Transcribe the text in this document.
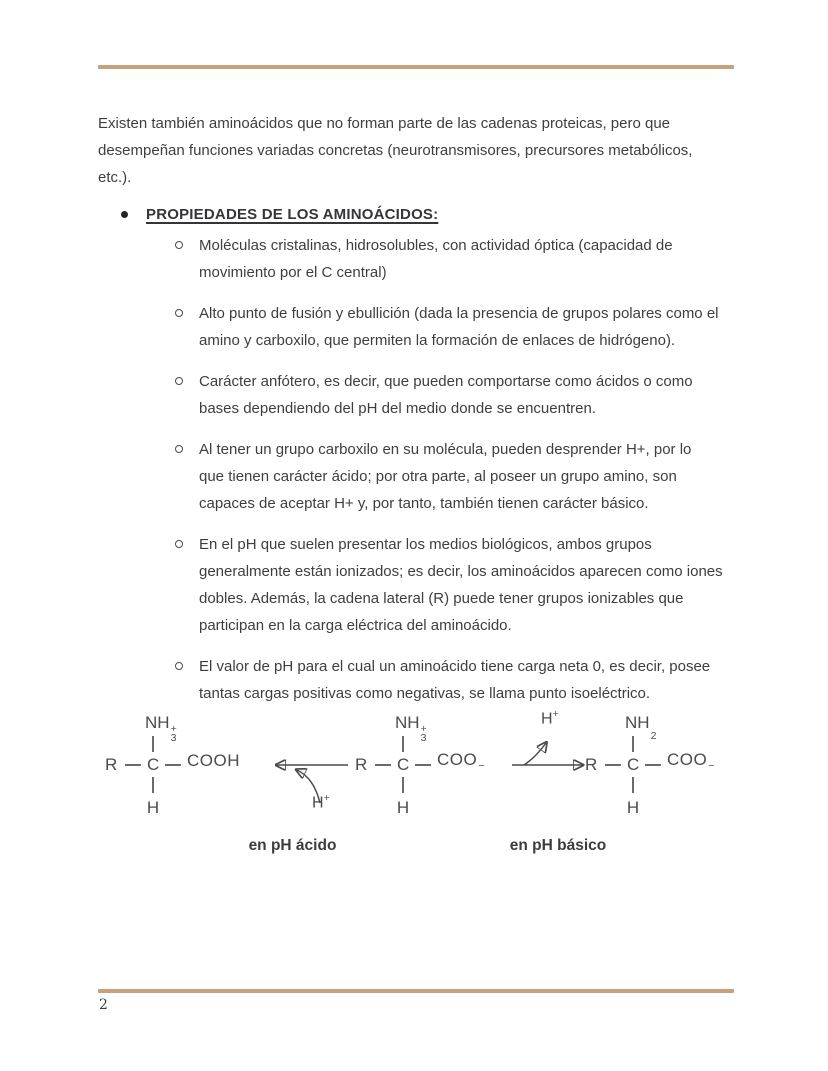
Existen también aminoácidos que no forman parte de las cadenas proteicas, pero que
desempeñan funciones variadas concretas (neurotransmisores, precursores metabólicos,
etc.).
PROPIEDADES DE LOS AMINOÁCIDOS:
Moléculas cristalinas, hidrosolubles, con actividad óptica (capacidad de
movimiento por el C central)
Alto punto de fusión y ebullición (dada la presencia de grupos polares como el
amino y carboxilo, que permiten la formación de enlaces de hidrógeno).
Carácter anfótero, es decir, que pueden comportarse como ácidos o como
bases dependiendo del pH del medio donde se encuentren.
Al tener un grupo carboxilo en su molécula, pueden desprender H+, por lo
que tienen carácter ácido; por otra parte, al poseer un grupo amino, son
capaces de aceptar H+ y, por tanto, también tienen carácter básico.
En el pH que suelen presentar los medios biológicos, ambos grupos
generalmente están ionizados; es decir, los aminoácidos aparecen como iones
dobles. Además, la cadena lateral (R) puede tener grupos ionizables que
participan en la carga eléctrica del aminoácido.
El valor de pH para el cual un aminoácido tiene carga neta 0, es decir, posee
tantas cargas positivas como negativas, se llama punto isoeléctrico.
NH +
3
R C COOH
H	H+
NH +
3
R C COO −
H
H+	NH
2
R C COO −
H
en pH ácido	en pH básico
2
